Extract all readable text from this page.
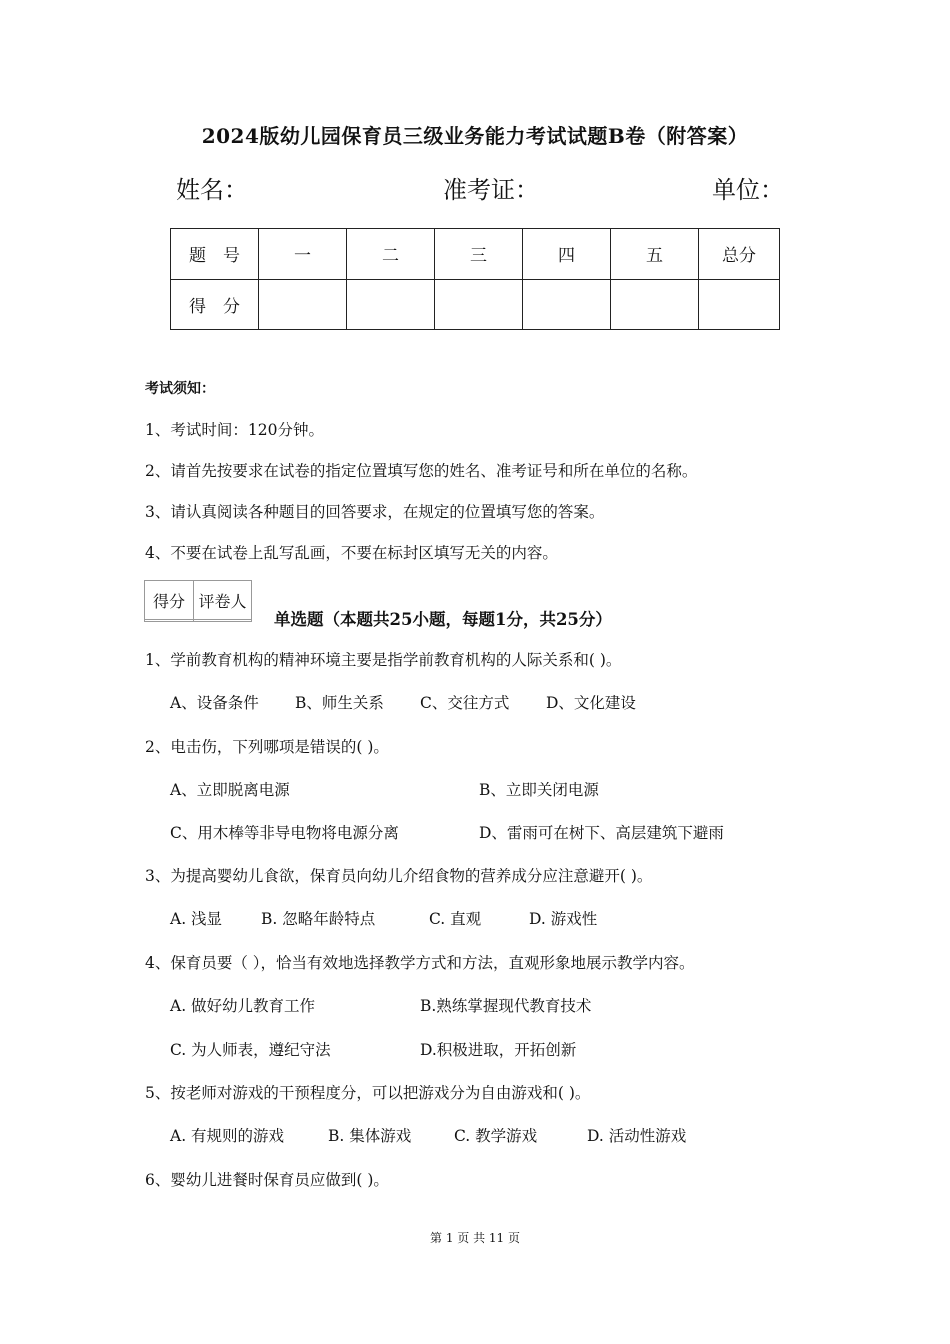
2024版幼儿园保育员三级业务能力考试试题B卷（附答案）
姓名：	准考证：	单位：
题　号	一	二	三	四	五	总分
得　分						
考试须知：
1、考试时间：120分钟。
2、请首先按要求在试卷的指定位置填写您的姓名、准考证号和所在单位的名称。
3、请认真阅读各种题目的回答要求，在规定的位置填写您的答案。
4、不要在试卷上乱写乱画，不要在标封区填写无关的内容。
得分	评卷人

单选题（本题共25小题，每题1分，共25分）
1、学前教育机构的精神环境主要是指学前教育机构的人际关系和( )。
A、设备条件 B、师生关系 C、交往方式 D、文化建设
2、电击伤，下列哪项是错误的( )。
A、立即脱离电源	B、立即关闭电源
C、用木棒等非导电物将电源分离	D、雷雨可在树下、高层建筑下避雨
3、为提高婴幼儿食欲，保育员向幼儿介绍食物的营养成分应注意避开( )。
A. 浅显	B. 忽略年龄特点	C. 直观	D. 游戏性
4、保育员要（ ），恰当有效地选择教学方式和方法，直观形象地展示教学内容。
A. 做好幼儿教育工作	B.熟练掌握现代教育技术
C. 为人师表，遵纪守法	D.积极进取，开拓创新
5、按老师对游戏的干预程度分，可以把游戏分为自由游戏和( )。
A. 有规则的游戏	B. 集体游戏	C. 教学游戏	D. 活动性游戏
6、婴幼儿进餐时保育员应做到( )。
第 1 页 共 11 页
